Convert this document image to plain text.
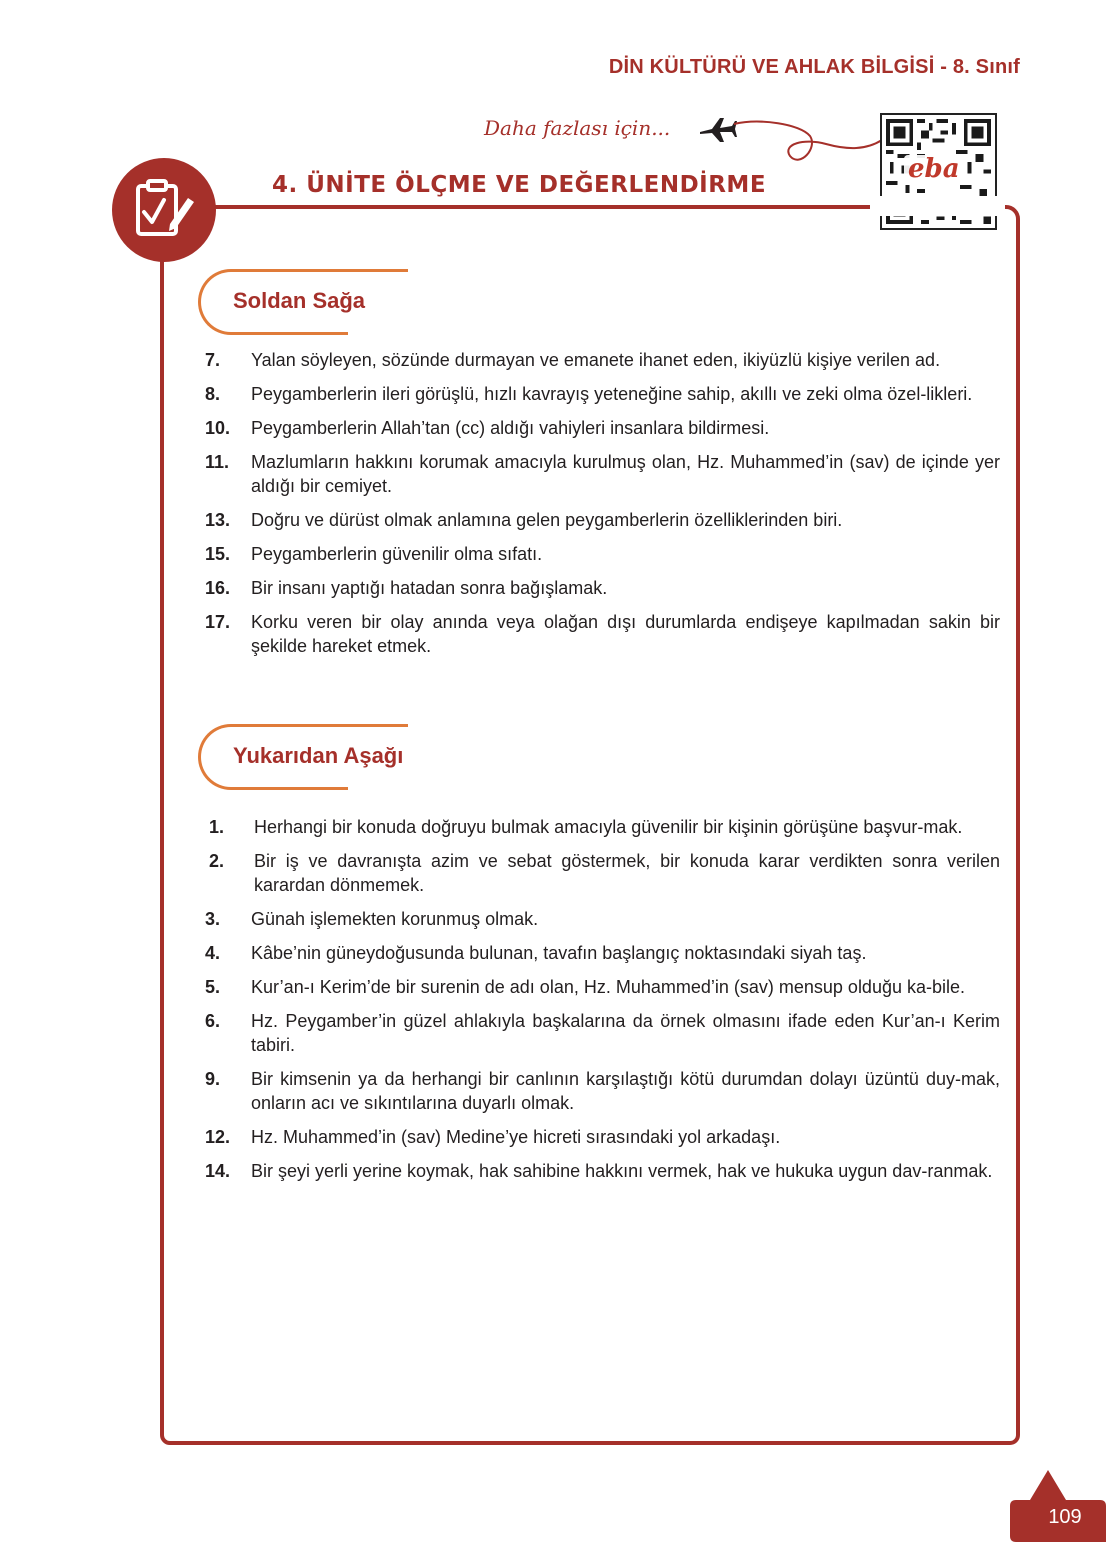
DİN KÜLTÜRÜ VE AHLAK BİLGİSİ - 8. Sınıf
Daha fazlası için...
eba
4. ÜNİTE ÖLÇME VE DEĞERLENDİRME
Soldan Sağa
7.	Yalan söyleyen, sözünde durmayan ve emanete ihanet eden, ikiyüzlü kişiye verilen ad.
8.	Peygamberlerin ileri görüşlü, hızlı kavrayış yeteneğine sahip, akıllı ve zeki olma özel-likleri.
10.	Peygamberlerin Allah’tan (cc) aldığı vahiyleri insanlara bildirmesi.
11.	Mazlumların hakkını korumak amacıyla kurulmuş olan, Hz. Muhammed’in (sav) de içinde yer aldığı bir cemiyet.
13.	Doğru ve dürüst olmak anlamına gelen peygamberlerin özelliklerinden biri.
15.	Peygamberlerin güvenilir olma sıfatı.
16.	Bir insanı yaptığı hatadan sonra bağışlamak.
17.	Korku veren bir olay anında veya olağan dışı durumlarda endişeye kapılmadan sakin bir şekilde hareket etmek.
Yukarıdan Aşağı
1.	Herhangi bir konuda doğruyu bulmak amacıyla güvenilir bir kişinin görüşüne başvur-mak.
2.	Bir iş ve davranışta azim ve sebat göstermek, bir konuda karar verdikten sonra verilen karardan dönmemek.
3.	Günah işlemekten korunmuş olmak.
4.	Kâbe’nin güneydoğusunda bulunan, tavafın başlangıç noktasındaki siyah taş.
5.	Kur’an-ı Kerim’de bir surenin de adı olan, Hz. Muhammed’in (sav) mensup olduğu ka-bile.
6.	Hz. Peygamber’in güzel ahlakıyla başkalarına da örnek olmasını ifade eden Kur’an-ı Kerim tabiri.
9.	Bir kimsenin ya da herhangi bir canlının karşılaştığı kötü durumdan dolayı üzüntü duy-mak, onların acı ve sıkıntılarına duyarlı olmak.
12.	Hz. Muhammed’in (sav) Medine’ye hicreti sırasındaki yol arkadaşı.
14.	Bir şeyi yerli yerine koymak, hak sahibine hakkını vermek, hak ve hukuka uygun dav-ranmak.
109
